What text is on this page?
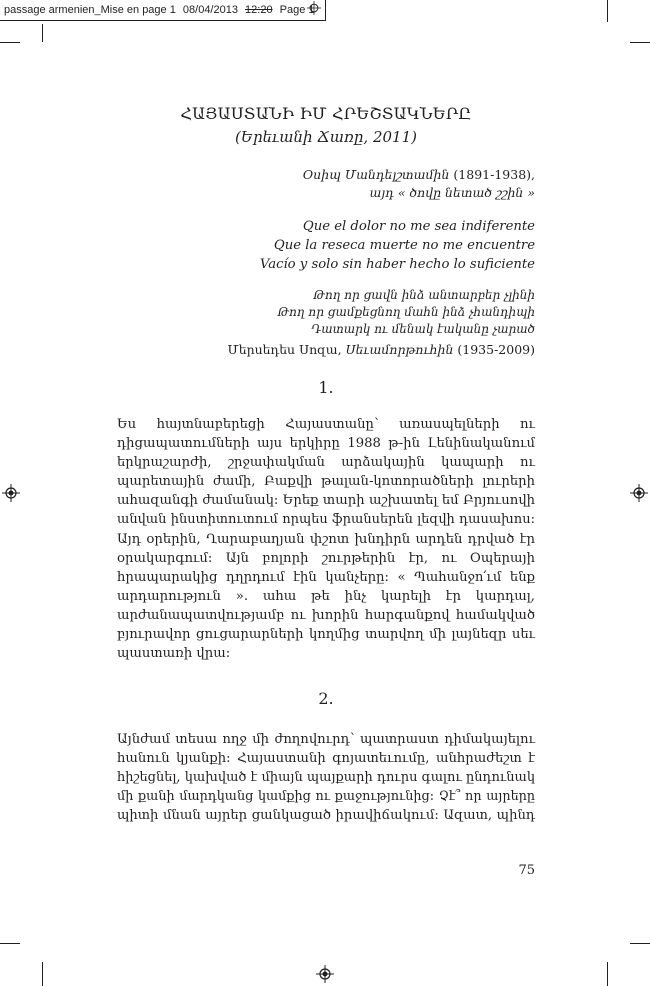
passage armenien_Mise en page 1 08/04/2013 12:20 Page 1
ՀԱՅԱՍՏԱՆԻ ԻՄ ՀՐԵՇՏԱԿՆԵՐԸ
(Երեւանի Ճառը, 2011)
Օսիպ Մանդելշտամին (1891-1938),
այդ « ծովը նետած շշին »
Que el dolor no me sea indiferente
Que la reseca muerte no me encuentre
Vacío y solo sin haber hecho lo suficiente
Թող որ ցավն ինձ անտարբեր չլինի
Թող որ ցամքեցնող մահն ինձ չհանդիպի
Դատարկ ու մենակ էականը չարած
Մերսեդես Սոզա, Սեւամորթուհին (1935-2009)
1.
Ես հայտնաբերեցի Հայաստանը՝ առասպելների ու
դիցապատումների այս երկիրը 1988 թ-ին Լենինականում
երկրաշարժի, շրջափակման արձակային կապարի ու
պարետային ժամի, Բաքվի թալան-կոտորածների լուրերի
ահազանգի ժամանակ: Երեք տարի աշխատել եմ Բրյուսովի
անվան ինստիտուտում որպես ֆրանսերեն լեզվի դասախոս:
Այդ օրերին, Ղարաբաղյան փշոտ խնդիրն արդեն դրված էր
օրակարգում: Այն բոլորի շուրթերին էր, ու Օպերայի
հրապարակից դղրդում էին կանչերը: « Պահանջո՛ւմ ենք
արդարություն ». ահա թե ինչ կարելի էր կարդալ,
արժանապատվությամբ ու խորին հարգանքով համակված
բյուրավոր ցուցարարների կողմից տարվող մի լայնեզր սեւ
պաստառի վրա:
2.
Այնժամ տեսա ողջ մի ժողովուրդ՝ պատրաստ դիմակայելու
հանուն կյանքի: Հայաստանի գոյատեւումը, անհրաժեշտ է
հիշեցնել, կախված է միայն պայքարի դուրս գալու ընդունակ
մի քանի մարդկանց կամքից ու քաջությունից: Չէ՞ որ այրերը
պիտի մնան այրեր ցանկացած իրավիճակում: Ազատ, պինդ
75
